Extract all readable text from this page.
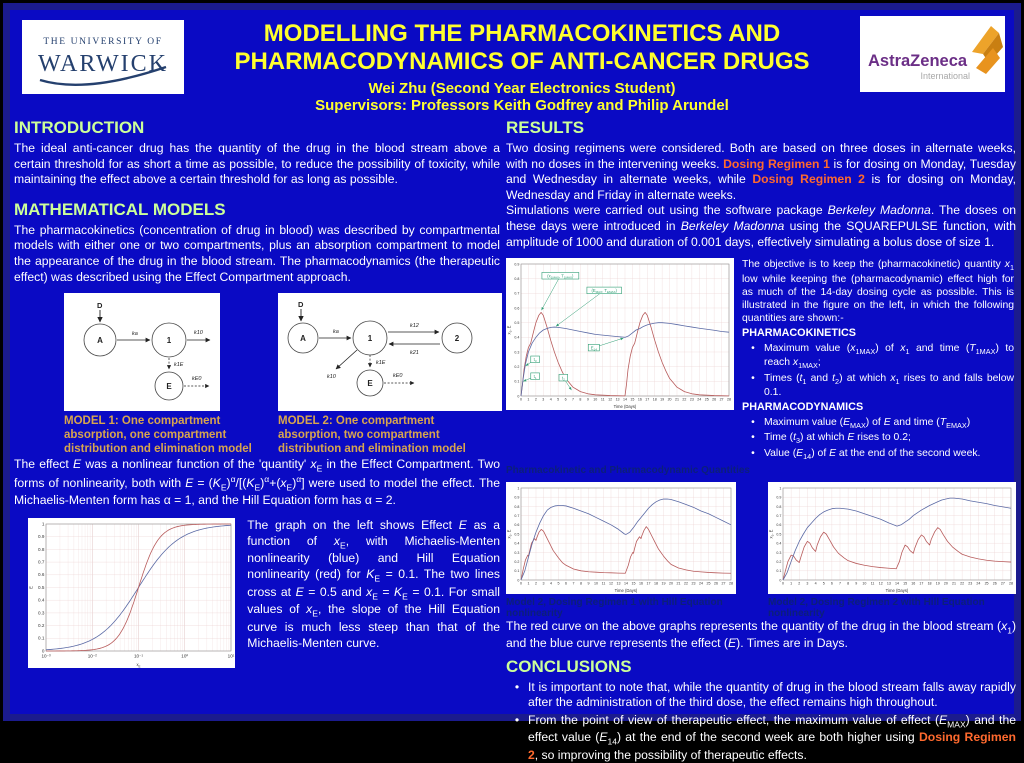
THE UNIVERSITY OF
WARWICK
MODELLING THE PHARMACOKINETICS AND
PHARMACODYNAMICS OF ANTI-CANCER DRUGS
Wei Zhu (Second Year Electronics Student)
Supervisors: Professors Keith Godfrey and Philip Arundel
AstraZeneca
International
INTRODUCTION

The ideal anti-cancer drug has the quantity of the drug in the blood stream above a certain threshold for as short a time as possible, to reduce the possibility of toxicity, while maintaining the effect above a certain threshold for as long as possible.

MATHEMATICAL MODELS

The pharmacokinetics (concentration of drug in blood) was described by compartmental models with either one or two compartments, plus an absorption compartment to model the appearance of the drug in the blood stream. The pharmacodynamics (the therapeutic effect) was described using the Effect Compartment approach.

D
A
ka
1
k10
k1E
E
kE0
MODEL 1: One compartment absorption, one compartment distribution and elimination model
D
A
ka
1	2
k12
k21
k10
k1E
E
kE0
MODEL 2: One compartment absorption, two compartment distribution and elimination model

The effect E was a nonlinear function of the 'quantity' $x_E$ in the Effect Compartment. Two forms of nonlinearity, both with $E = (K_E)^\alpha/[(K_E)^\alpha+(x_E)^\alpha]$ were used to model the effect. The Michaelis-Menten form has α = 1, and the Hill Equation form has α = 2.

10⁻³	10⁻²	10⁻¹	10⁰	10¹
0
0.1
0.2
0.3
0.4
0.5
0.6
0.7
0.8
0.9
1
$x_E$
E
The graph on the left shows Effect E as a function of $x_E$, with Michaelis-Menten nonlinearity (blue) and Hill Equation nonlinearity (red) for $K_E = 0.1$. The two lines cross at E = 0.5 and $x_E = K_E = 0.1$. For small values of $x_E$, the slope of the Hill Equation curve is much less steep than that of the Michaelis-Menten curve.
RESULTS

Two dosing regimens were considered. Both are based on three doses in alternate weeks, with no doses in the intervening weeks. Dosing Regimen 1 is for dosing on Monday, Tuesday and Wednesday in alternate weeks, while Dosing Regimen 2 is for dosing on Monday, Wednesday and Friday in alternate weeks.

Simulations were carried out using the software package Berkeley Madonna. The doses on these days were introduced in Berkeley Madonna using the SQUAREPULSE function, with amplitude of 1000 and duration of 0.001 days, effectively simulating a bolus dose of size 1.

0 1 2 3 4 5 6 7 8 9 10 11 12 13 14 15 16 17 18 19 20 21 22 23 24 25 26 27 28
0
0.1
0.2
0.3
0.4
0.5
0.6
0.7
0.8
0.9
Time (Days)
$x_1$, E
($x_{1MAX}$, $T_{1MAX}$)
($E_{MAX}$, $T_{EMAX}$)
$E_{14}$
$t_3$
$t_1$	$t_2$
The objective is to keep the (pharmacokinetic) quantity $x_1$ low while keeping the (pharmacodynamic) effect high for as much of the 14-day dosing cycle as possible. This is illustrated in the figure on the left, in which the following quantities are shown:-
PHARMACOKINETICS
• Maximum value $(x_{1MAX})$ of $x_1$ and time $(T_{1MAX})$ to reach $x_{1MAX}$;
• Times ($t_1$ and $t_2$) at which $x_1$ rises to and falls below 0.1.
PHARMACODYNAMICS
• Maximum value $(E_{MAX})$ of E and time $(T_{EMAX})$
• Time $(t_3)$ at which E rises to 0.2;
• Value $(E_{14})$ of E at the end of the second week.
Pharmacokinetic and Pharmacodynamic Quantities
0 1 2 3 4 5 6 7 8 9 10 11 12 13 14 15 16 17 18 19 20 21 22 23 24 25 26 27 28
0
0.1
0.2
0.3
0.4
0.5
0.6
0.7
0.8
0.9
1
Time (Days)
$x_1$, E
Model 2, Dosing Regimen 1 with Hill Equation nonlinearity
0 1 2 3 4 5 6 7 8 9 10 11 12 13 14 15 16 17 18 19 20 21 22 23 24 25 26 27 28
0
0.1
0.2
0.3
0.4
0.5
0.6
0.7
0.8
0.9
1
Time (Days)
$x_1$, E
Model 2, Dosing Regimen 2 with Hill Equation nonlinearity

The red curve on the above graphs represents the quantity of the drug in the blood stream $(x_1)$ and the blue curve represents the effect (E). Times are in Days.

CONCLUSIONS
• It is important to note that, while the quantity of drug in the blood stream falls away rapidly after the administration of the third dose, the effect remains high throughout.
• From the point of view of therapeutic effect, the maximum value of effect $(E_{MAX})$ and the effect value $(E_{14})$ at the end of the second week are both higher using Dosing Regimen 2, so improving the possibility of therapeutic effects.
